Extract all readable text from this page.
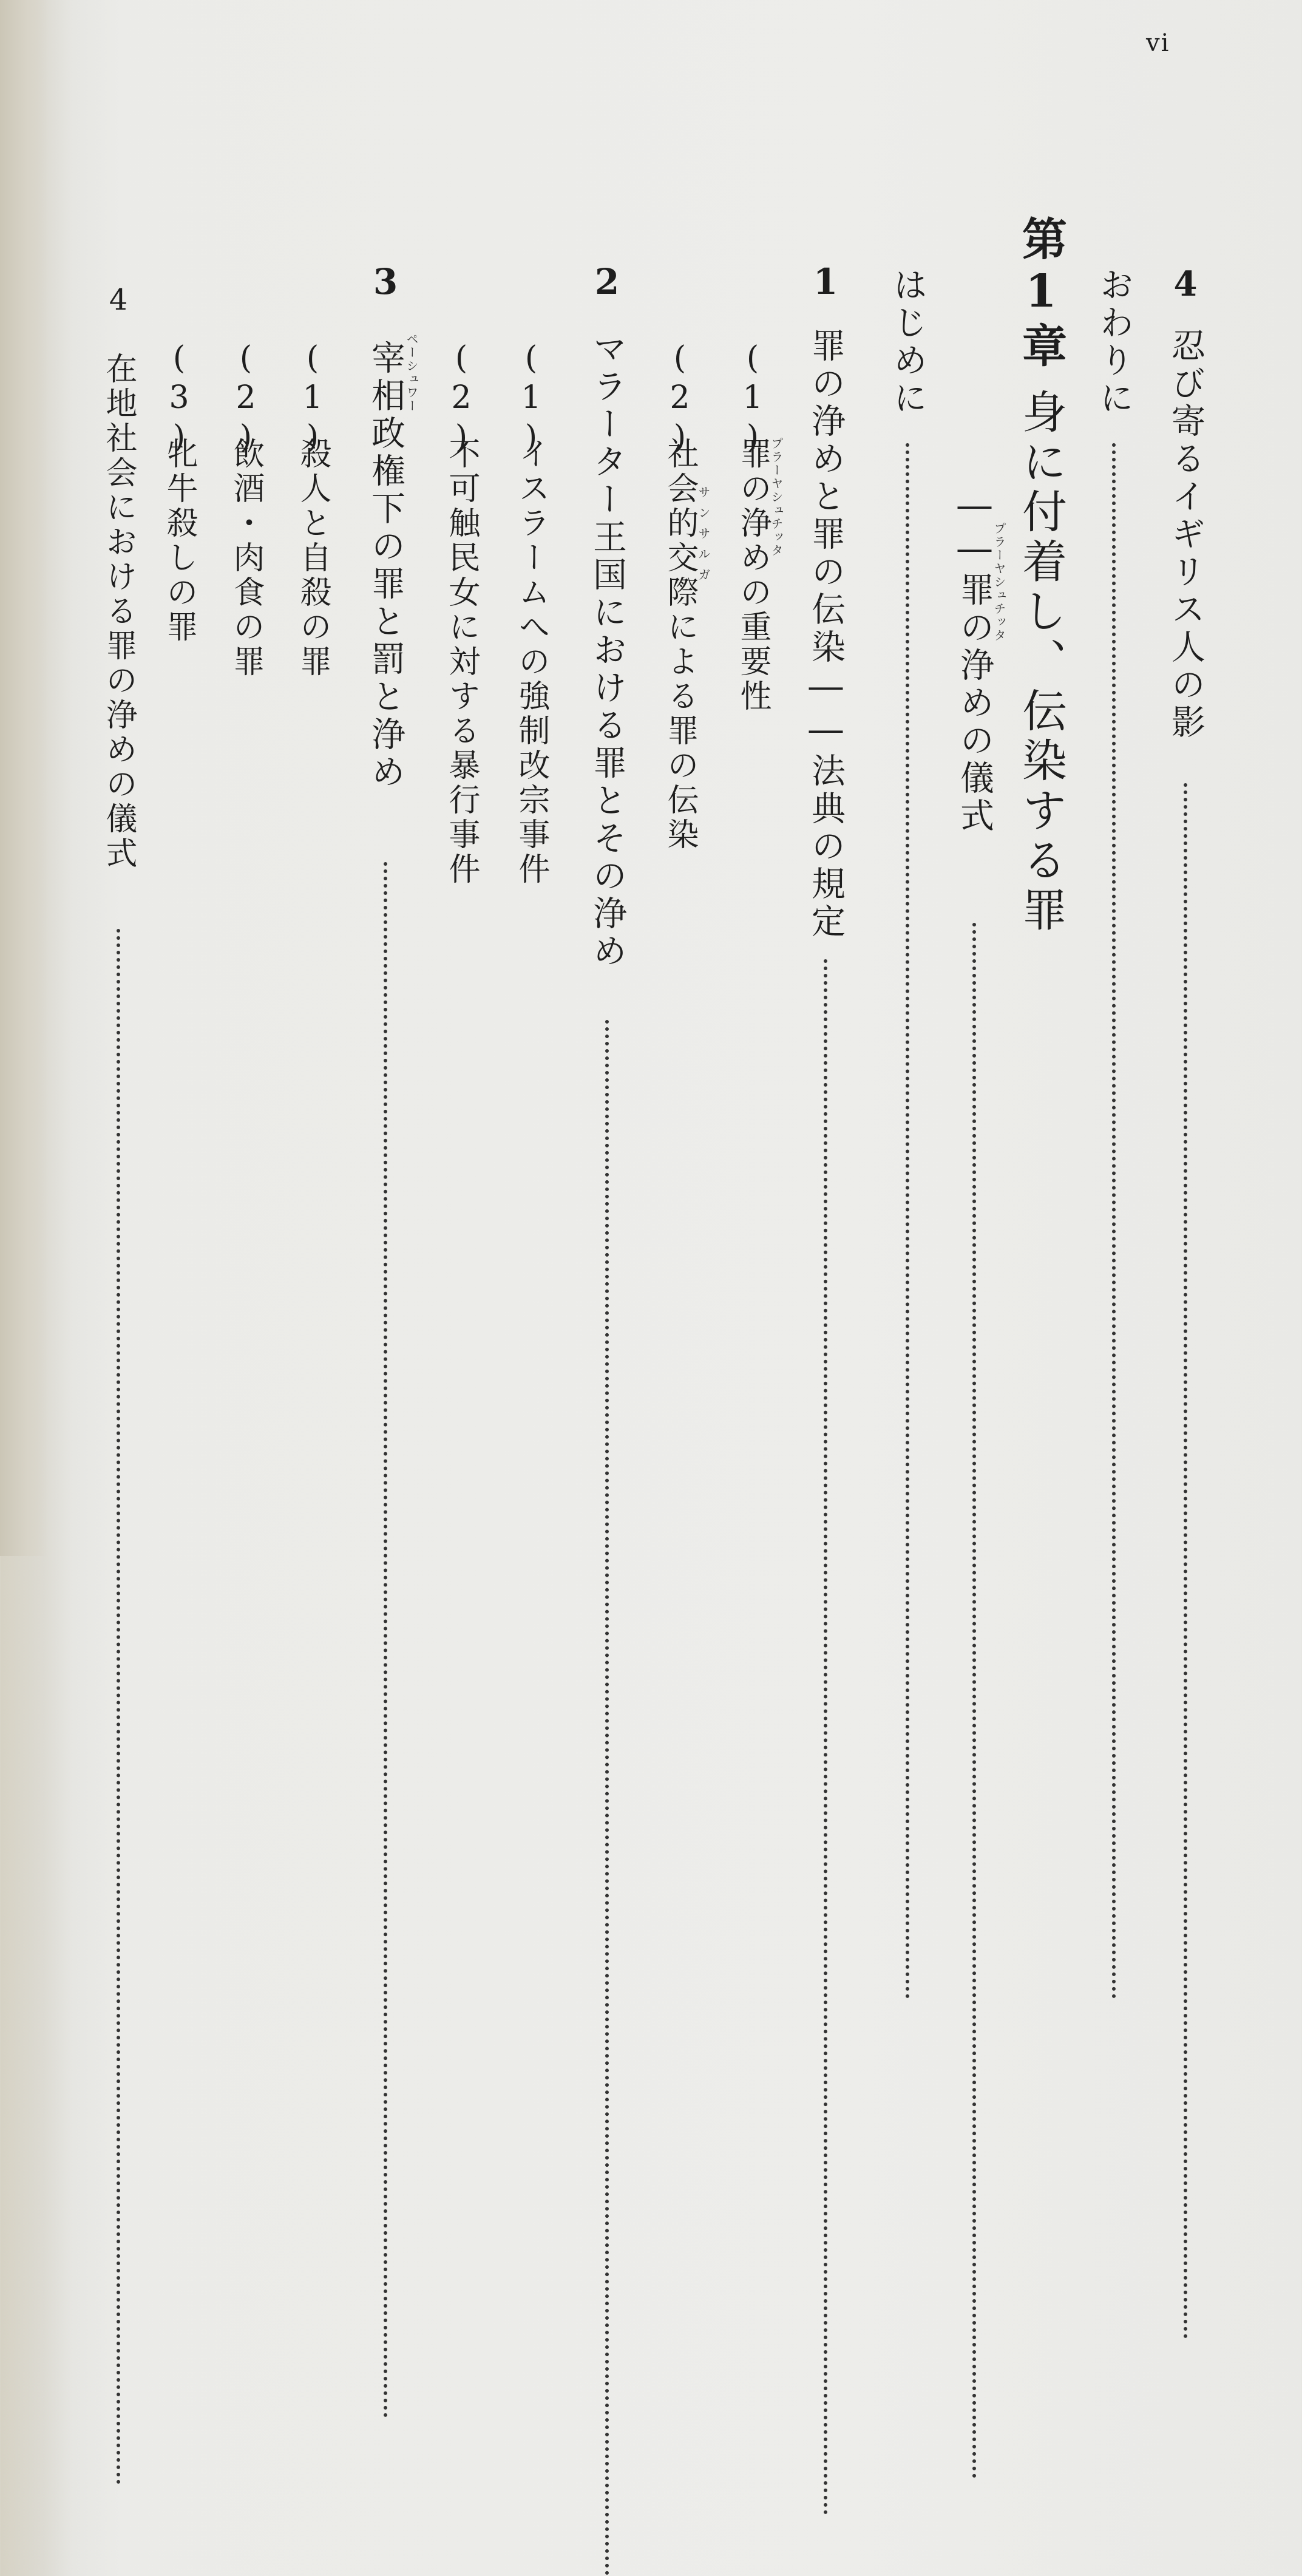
vi
4
忍び寄るイギリス人の影
おわりに
第1章
身に付着し、伝染する罪
――罪の浄めの儀式
プラーヤシュチッタ
はじめに
1
罪の浄めと罪の伝染――法典の規定
(1)
罪の浄めの重要性
プラーヤシュチッタ
(2)
社会的交際による罪の伝染
サンサルガ
2
マラーター王国における罪とその浄め
(1)
イスラームへの強制改宗事件
(2)
不可触民女に対する暴行事件
3
宰相政権下の罪と罰と浄め
ペーシュワー
(1)
殺人と自殺の罪
(2)
飲酒・肉食の罪
(3)
牝牛殺しの罪
4
在地社会における罪の浄めの儀式
